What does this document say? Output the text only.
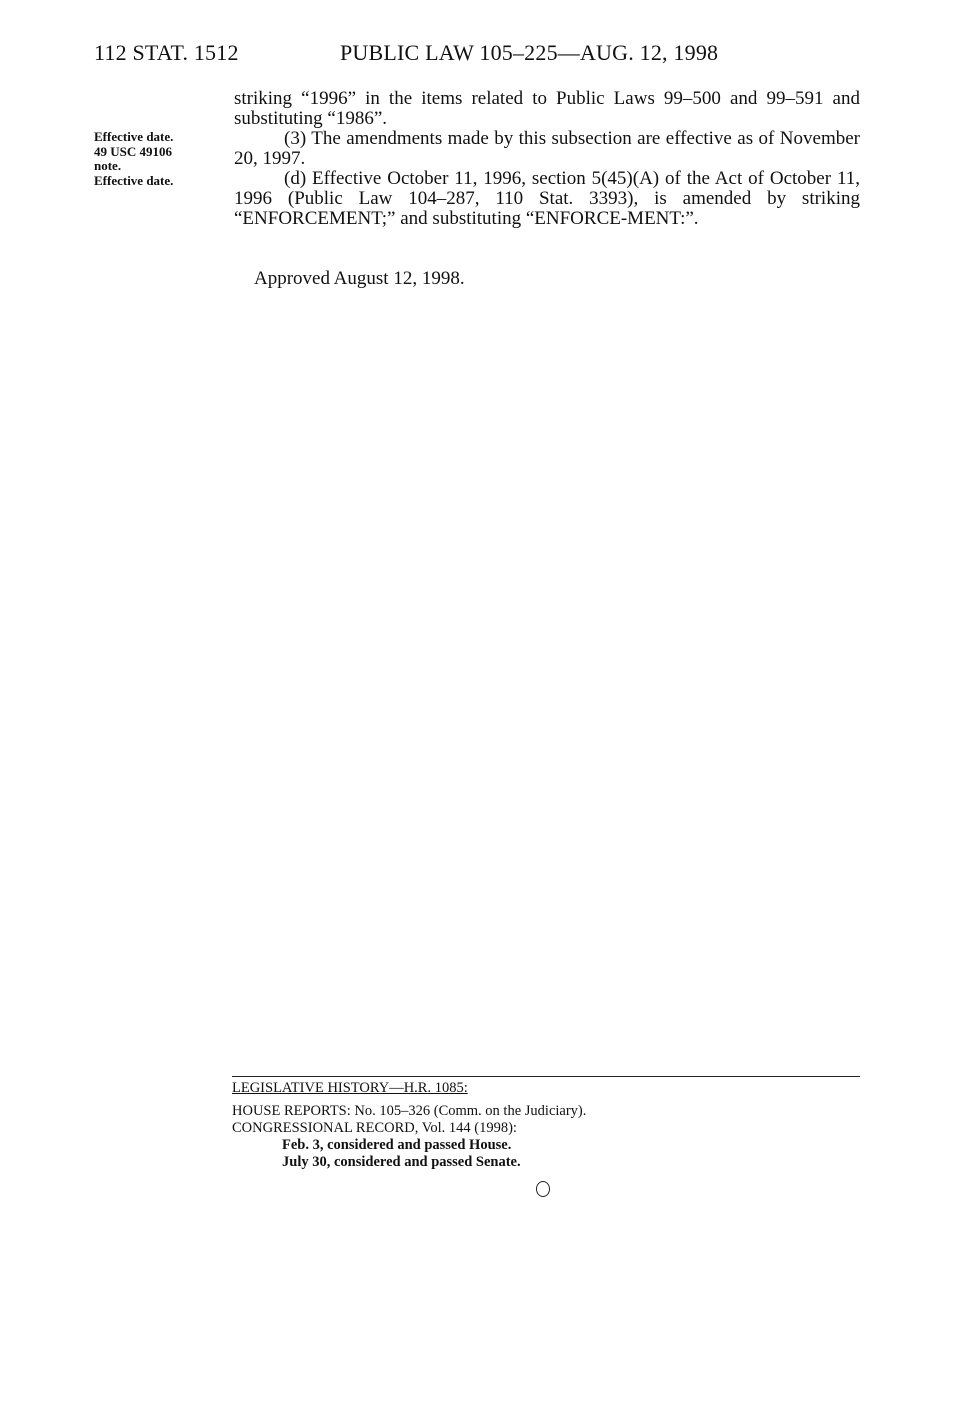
112 STAT. 1512	PUBLIC LAW 105–225—AUG. 12, 1998
Effective date.
49 USC 49106
note.
Effective date.

striking “1996” in the items related to Public Laws 99–500 and 99–591 and substituting “1986”.

(3) The amendments made by this subsection are effective as of November 20, 1997.

(d) Effective October 11, 1996, section 5(45)(A) of the Act of October 11, 1996 (Public Law 104–287, 110 Stat. 3393), is amended by striking “ENFORCEMENT;” and substituting “ENFORCE-MENT:”.

Approved August 12, 1998.
LEGISLATIVE HISTORY—H.R. 1085:
HOUSE REPORTS: No. 105–326 (Comm. on the Judiciary).
CONGRESSIONAL RECORD, Vol. 144 (1998):
Feb. 3, considered and passed House.
July 30, considered and passed Senate.
